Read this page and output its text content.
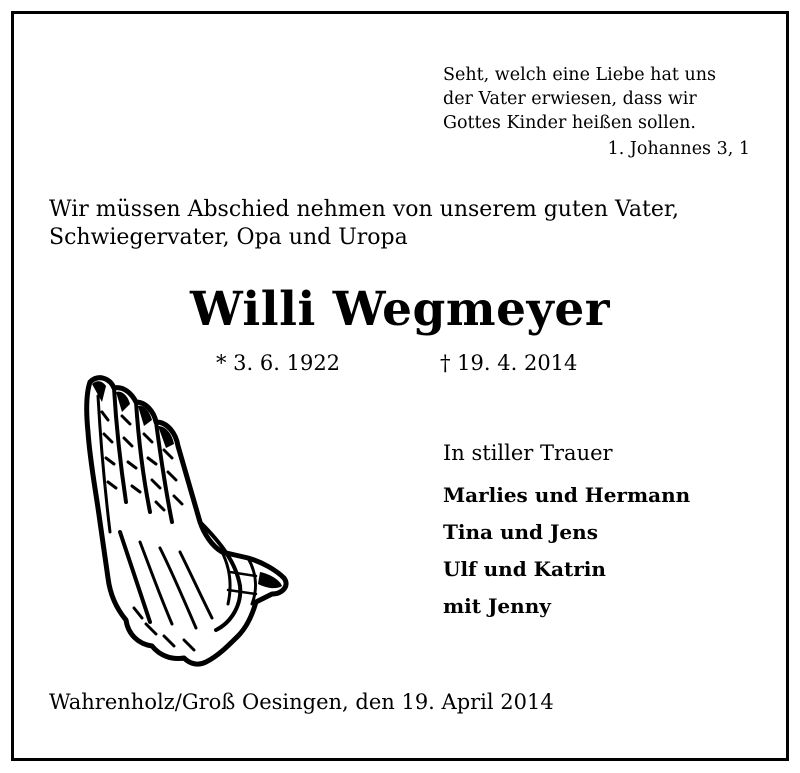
Seht, welch eine Liebe hat uns
der Vater erwiesen, dass wir
Gottes Kinder heißen sollen.
1. Johannes 3, 1
Wir müssen Abschied nehmen von unserem guten Vater,
Schwiegervater, Opa und Uropa
Willi Wegmeyer
* 3. 6. 1922	† 19. 4. 2014
In stiller Trauer
Marlies und Hermann
Tina und Jens
Ulf und Katrin
mit Jenny
Wahrenholz/Groß Oesingen, den 19. April 2014
